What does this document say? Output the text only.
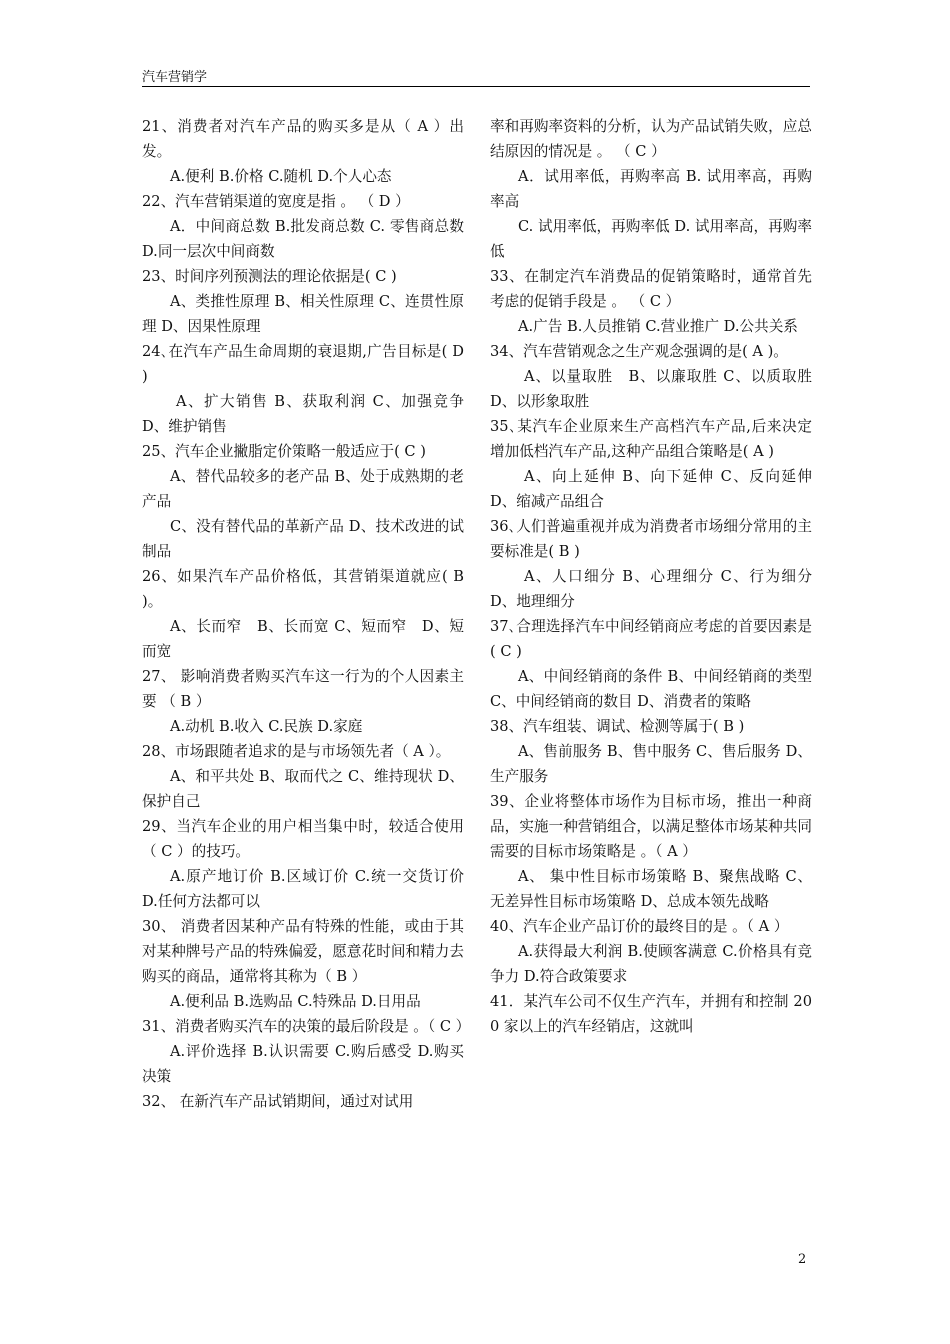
汽车营销学

21、消费者对汽车产品的购买多是从（ A ）出发。

A.便利 B.价格 C.随机 D.个人心态

22、汽车营销渠道的宽度是指 。 （ D ）

A．中间商总数 B.批发商总数 C. 零售商总数 D.同一层次中间商数

23、时间序列预测法的理论依据是( C )

A、类推性原理 B、相关性原理 C、连贯性原理 D、因果性原理

24､在汽车产品生命周期的衰退期,广告目标是( D )

A、扩大销售 B、获取利润 C、加强竞争 D、维护销售

25、汽车企业撇脂定价策略一般适应于( C )

A、替代品较多的老产品 B、处于成熟期的老产品

C、没有替代品的革新产品 D、技术改进的试制品

26、如果汽车产品价格低，其营销渠道就应( B )。

A、长而窄　B、长而宽 C、短而窄　D、短而宽

27、 影响消费者购买汽车这一行为的个人因素主要 （ B ）

A.动机 B.收入 C.民族 D.家庭

28、市场跟随者追求的是与市场领先者（ A ）。

A、和平共处 B、取而代之 C、维持现状 D、保护自己

29、当汽车企业的用户相当集中时，较适合使用 （ C ）的技巧。

A.原产地订价 B.区域订价 C.统一交货订价 D.任何方法都可以

30、 消费者因某种产品有特殊的性能，或由于其对某种牌号产品的特殊偏爱，愿意花时间和精力去购买的商品，通常将其称为（ B ）

A.便利品 B.选购品 C.特殊品 D.日用品

31、消费者购买汽车的决策的最后阶段是 。（ C ）

A.评价选择 B.认识需要 C.购后感受 D.购买决策

32、 在新汽车产品试销期间，通过对试用

率和再购率资料的分析，认为产品试销失败，应总结原因的情况是 。 （ C ）

A．试用率低，再购率高 B. 试用率高，再购率高

C. 试用率低，再购率低 D. 试用率高，再购率低

33、在制定汽车消费品的促销策略时，通常首先考虑的促销手段是 。 （ C ）

A.广告 B.人员推销 C.营业推广 D.公共关系

34、汽车营销观念之生产观念强调的是( A )。

A、以量取胜　B、以廉取胜 C、以质取胜　D、以形象取胜

35､某汽车企业原来生产高档汽车产品,后来决定增加低档汽车产品,这种产品组合策略是( A )

A、向上延伸 B、向下延伸 C、反向延伸 D、缩减产品组合

36､人们普遍重视并成为消费者市场细分常用的主要标准是( B )

A、人口细分 B、心理细分 C、行为细分 D、地理细分

37､合理选择汽车中间经销商应考虑的首要因素是( C )

A、中间经销商的条件 B、中间经销商的类型 C、中间经销商的数目 D、消费者的策略

38、汽车组装、调试、检测等属于( B )

A、售前服务 B、售中服务 C、售后服务 D、生产服务

39、企业将整体市场作为目标市场，推出一种商品，实施一种营销组合，以满足整体市场某种共同需要的目标市场策略是 。（ A ）

A、 集中性目标市场策略 B、聚焦战略 C、无差异性目标市场策略 D、总成本领先战略

40、汽车企业产品订价的最终目的是 。（ A ）

A.获得最大利润 B.使顾客满意 C.价格具有竞争力 D.符合政策要求

41．某汽车公司不仅生产汽车，并拥有和控制 200 家以上的汽车经销店，这就叫

2
